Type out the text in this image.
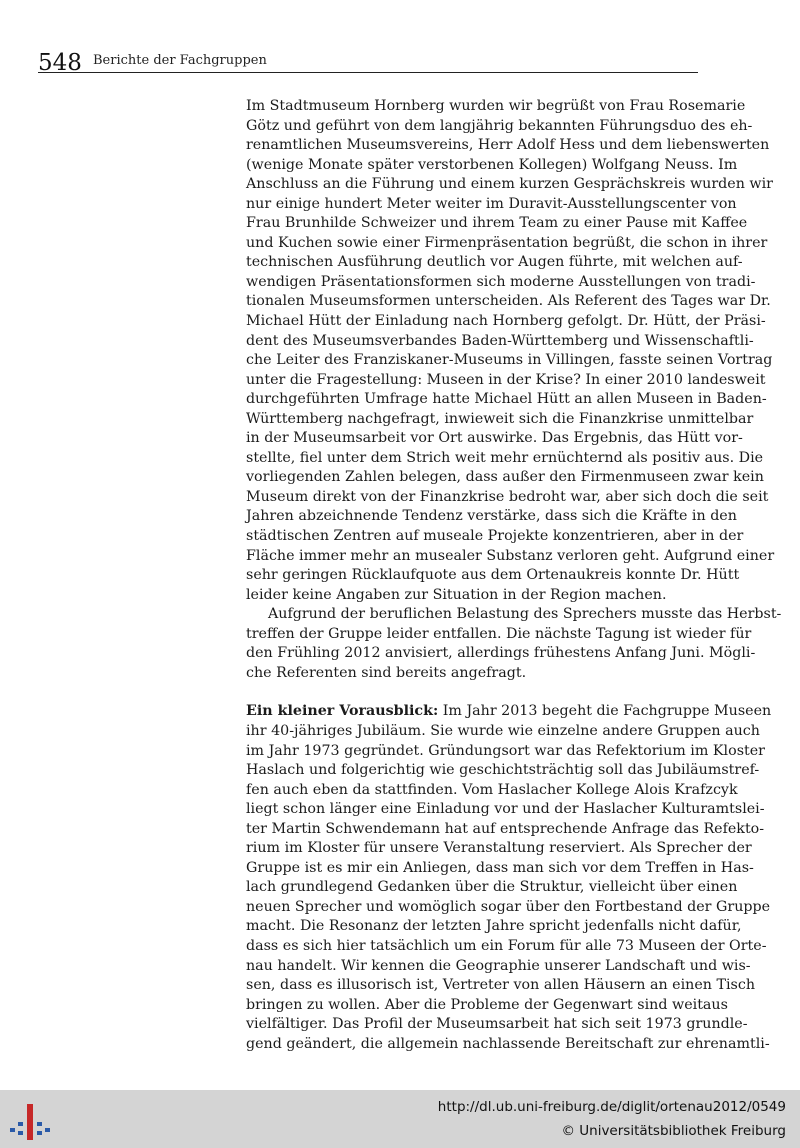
548 Berichte der Fachgruppen

Im Stadtmuseum Hornberg wurden wir begrüßt von Frau Rosemarie
Götz und geführt von dem langjährig bekannten Führungsduo des eh-
renamtlichen Museumsvereins, Herr Adolf Hess und dem liebenswerten
(wenige Monate später verstorbenen Kollegen) Wolfgang Neuss. Im
Anschluss an die Führung und einem kurzen Gesprächskreis wurden wir
nur einige hundert Meter weiter im Duravit-Ausstellungscenter von
Frau Brunhilde Schweizer und ihrem Team zu einer Pause mit Kaffee
und Kuchen sowie einer Firmenpräsentation begrüßt, die schon in ihrer
technischen Ausführung deutlich vor Augen führte, mit welchen auf-
wendigen Präsentationsformen sich moderne Ausstellungen von tradi-
tionalen Museumsformen unterscheiden. Als Referent des Tages war Dr.
Michael Hütt der Einladung nach Hornberg gefolgt. Dr. Hütt, der Präsi-
dent des Museumsverbandes Baden-Württemberg und Wissenschaftli-
che Leiter des Franziskaner-Museums in Villingen, fasste seinen Vortrag
unter die Fragestellung: Museen in der Krise? In einer 2010 landesweit
durchgeführten Umfrage hatte Michael Hütt an allen Museen in Baden-
Württemberg nachgefragt, inwieweit sich die Finanzkrise unmittelbar
in der Museumsarbeit vor Ort auswirke. Das Ergebnis, das Hütt vor-
stellte, fiel unter dem Strich weit mehr ernüchternd als positiv aus. Die
vorliegenden Zahlen belegen, dass außer den Firmenmuseen zwar kein
Museum direkt von der Finanzkrise bedroht war, aber sich doch die seit
Jahren abzeichnende Tendenz verstärke, dass sich die Kräfte in den
städtischen Zentren auf museale Projekte konzentrieren, aber in der
Fläche immer mehr an musealer Substanz verloren geht. Aufgrund einer
sehr geringen Rücklaufquote aus dem Ortenaukreis konnte Dr. Hütt
leider keine Angaben zur Situation in der Region machen.

Aufgrund der beruflichen Belastung des Sprechers musste das Herbst-
treffen der Gruppe leider entfallen. Die nächste Tagung ist wieder für
den Frühling 2012 anvisiert, allerdings frühestens Anfang Juni. Mögli-
che Referenten sind bereits angefragt.

Ein kleiner Vorausblick: Im Jahr 2013 begeht die Fachgruppe Museen
ihr 40-jähriges Jubiläum. Sie wurde wie einzelne andere Gruppen auch
im Jahr 1973 gegründet. Gründungsort war das Refektorium im Kloster
Haslach und folgerichtig wie geschichtsträchtig soll das Jubiläumstref-
fen auch eben da stattfinden. Vom Haslacher Kollege Alois Krafzcyk
liegt schon länger eine Einladung vor und der Haslacher Kulturamtslei-
ter Martin Schwendemann hat auf entsprechende Anfrage das Refekto-
rium im Kloster für unsere Veranstaltung reserviert. Als Sprecher der
Gruppe ist es mir ein Anliegen, dass man sich vor dem Treffen in Has-
lach grundlegend Gedanken über die Struktur, vielleicht über einen
neuen Sprecher und womöglich sogar über den Fortbestand der Gruppe
macht. Die Resonanz der letzten Jahre spricht jedenfalls nicht dafür,
dass es sich hier tatsächlich um ein Forum für alle 73 Museen der Orte-
nau handelt. Wir kennen die Geographie unserer Landschaft und wis-
sen, dass es illusorisch ist, Vertreter von allen Häusern an einen Tisch
bringen zu wollen. Aber die Probleme der Gegenwart sind weitaus
vielfältiger. Das Profil der Museumsarbeit hat sich seit 1973 grundle-
gend geändert, die allgemein nachlassende Bereitschaft zur ehrenamtli-

http://dl.ub.uni-freiburg.de/diglit/ortenau2012/0549
© Universitätsbibliothek Freiburg
